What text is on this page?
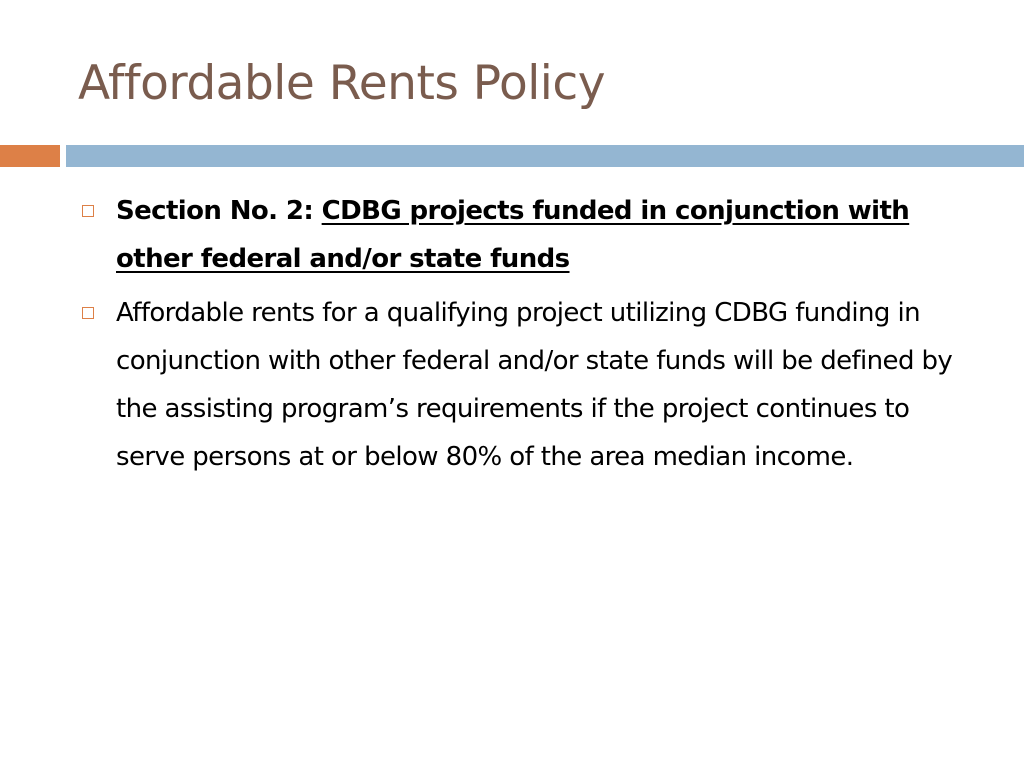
Affordable Rents Policy
Section No. 2: CDBG projects funded in conjunction with other federal and/or state funds
Affordable rents for a qualifying project utilizing CDBG funding in conjunction with other federal and/or state funds will be defined by the assisting program’s requirements if the project continues to serve persons at or below 80% of the area median income.
